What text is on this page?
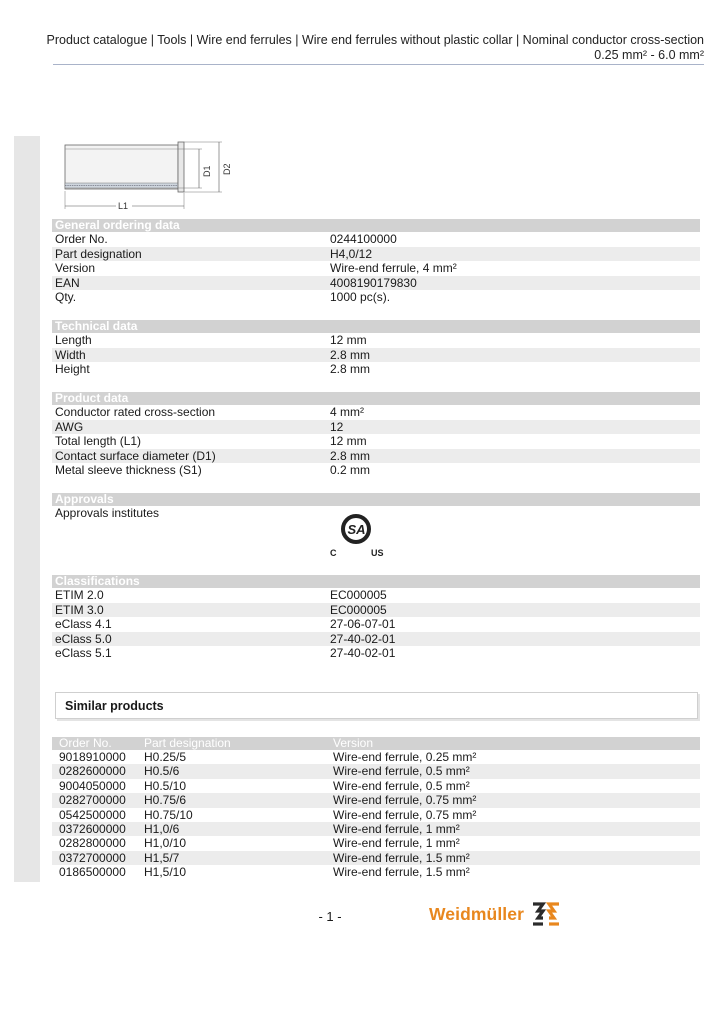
Product catalogue | Tools | Wire end ferrules | Wire end ferrules without plastic collar | Nominal conductor cross-section
0.25 mm² - 6.0 mm²
D1 D2
L1
General ordering data
Order No.	0244100000
Part designation	H4,0/12
Version	Wire-end ferrule, 4 mm²
EAN	4008190179830
Qty.	1000 pc(s).
Technical data
Length	12 mm
Width	2.8 mm
Height	2.8 mm
Product data
Conductor rated cross-section	4 mm²
AWG	12
Total length (L1)	12 mm
Contact surface diameter (D1)	2.8 mm
Metal sleeve thickness (S1)	0.2 mm
Approvals
Approvals institutes
SA
C	US
Classifications
ETIM 2.0	EC000005
ETIM 3.0	EC000005
eClass 4.1	27-06-07-01
eClass 5.0	27-40-02-01
eClass 5.1	27-40-02-01
Similar products
Order No.	Part designation	Version
9018910000 H0.25/5	Wire-end ferrule, 0.25 mm²
0282600000 H0.5/6	Wire-end ferrule, 0.5 mm²
9004050000 H0.5/10	Wire-end ferrule, 0.5 mm²
0282700000 H0.75/6	Wire-end ferrule, 0.75 mm²
0542500000 H0.75/10	Wire-end ferrule, 0.75 mm²
0372600000 H1,0/6	Wire-end ferrule, 1 mm²
0282800000 H1,0/10	Wire-end ferrule, 1 mm²
0372700000 H1,5/7	Wire-end ferrule, 1.5 mm²
0186500000 H1,5/10	Wire-end ferrule, 1.5 mm²
- 1 -	Weidmüller
